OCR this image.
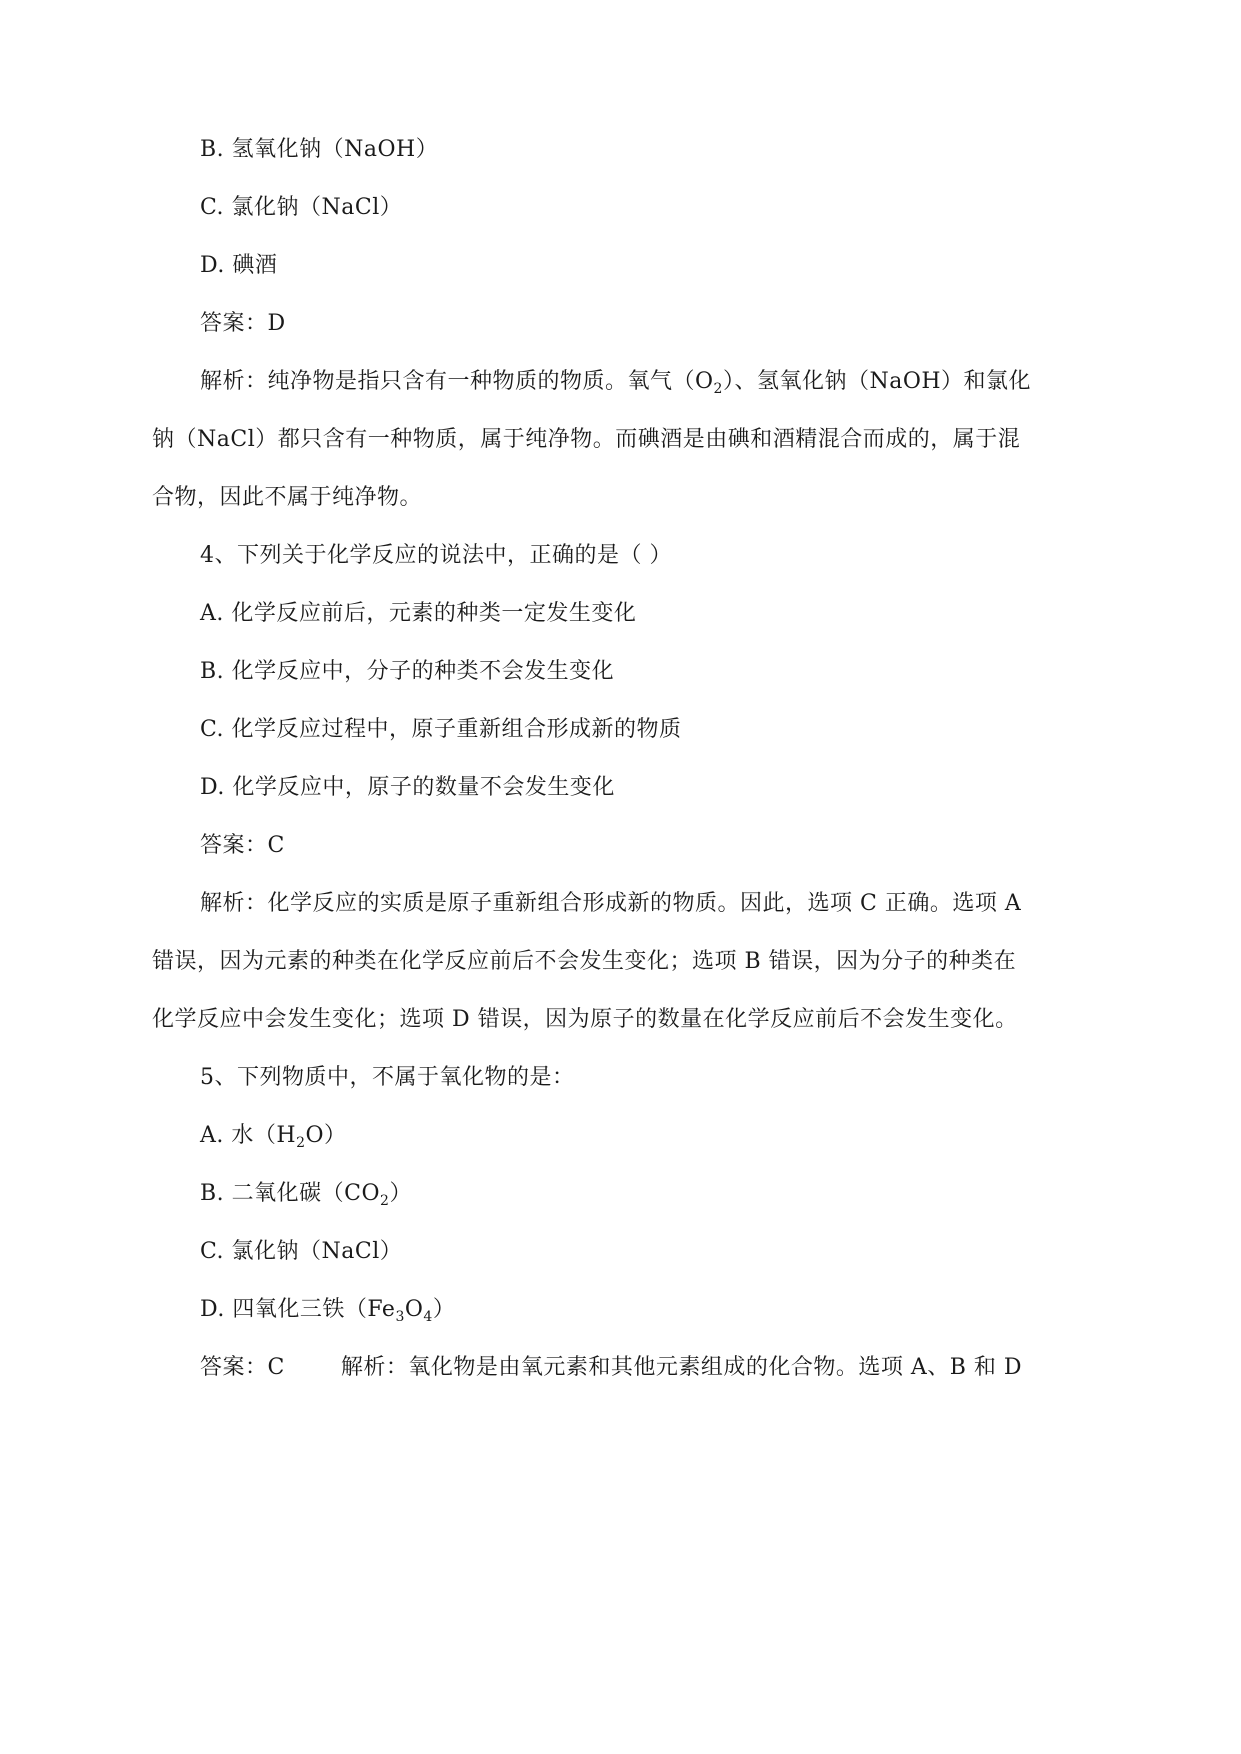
B. 氢氧化钠（NaOH）
C. 氯化钠（NaCl）
D. 碘酒
答案：D
解析：纯净物是指只含有一种物质的物质。氧气$(O_2)$、氢氧化钠（NaOH）和氯化
钠（NaCl）都只含有一种物质，属于纯净物。而碘酒是由碘和酒精混合而成的，属于混
合物，因此不属于纯净物。
4、下列关于化学反应的说法中，正确的是（ ）
A. 化学反应前后，元素的种类一定发生变化
B. 化学反应中，分子的种类不会发生变化
C. 化学反应过程中，原子重新组合形成新的物质
D. 化学反应中，原子的数量不会发生变化
答案：C
解析：化学反应的实质是原子重新组合形成新的物质。因此，选项 C 正确。选项 A
错误，因为元素的种类在化学反应前后不会发生变化；选项 B 错误，因为分子的种类在
化学反应中会发生变化；选项 D 错误，因为原子的数量在化学反应前后不会发生变化。
5、下列物质中，不属于氧化物的是：
A. 水$(H_2O)$
B. 二氧化碳$(CO_2)$
C. 氯化钠（NaCl）
D. 四氧化三铁$(Fe_3O_4)$
答案：C	解析：氧化物是由氧元素和其他元素组成的化合物。选项 A、B 和 D
